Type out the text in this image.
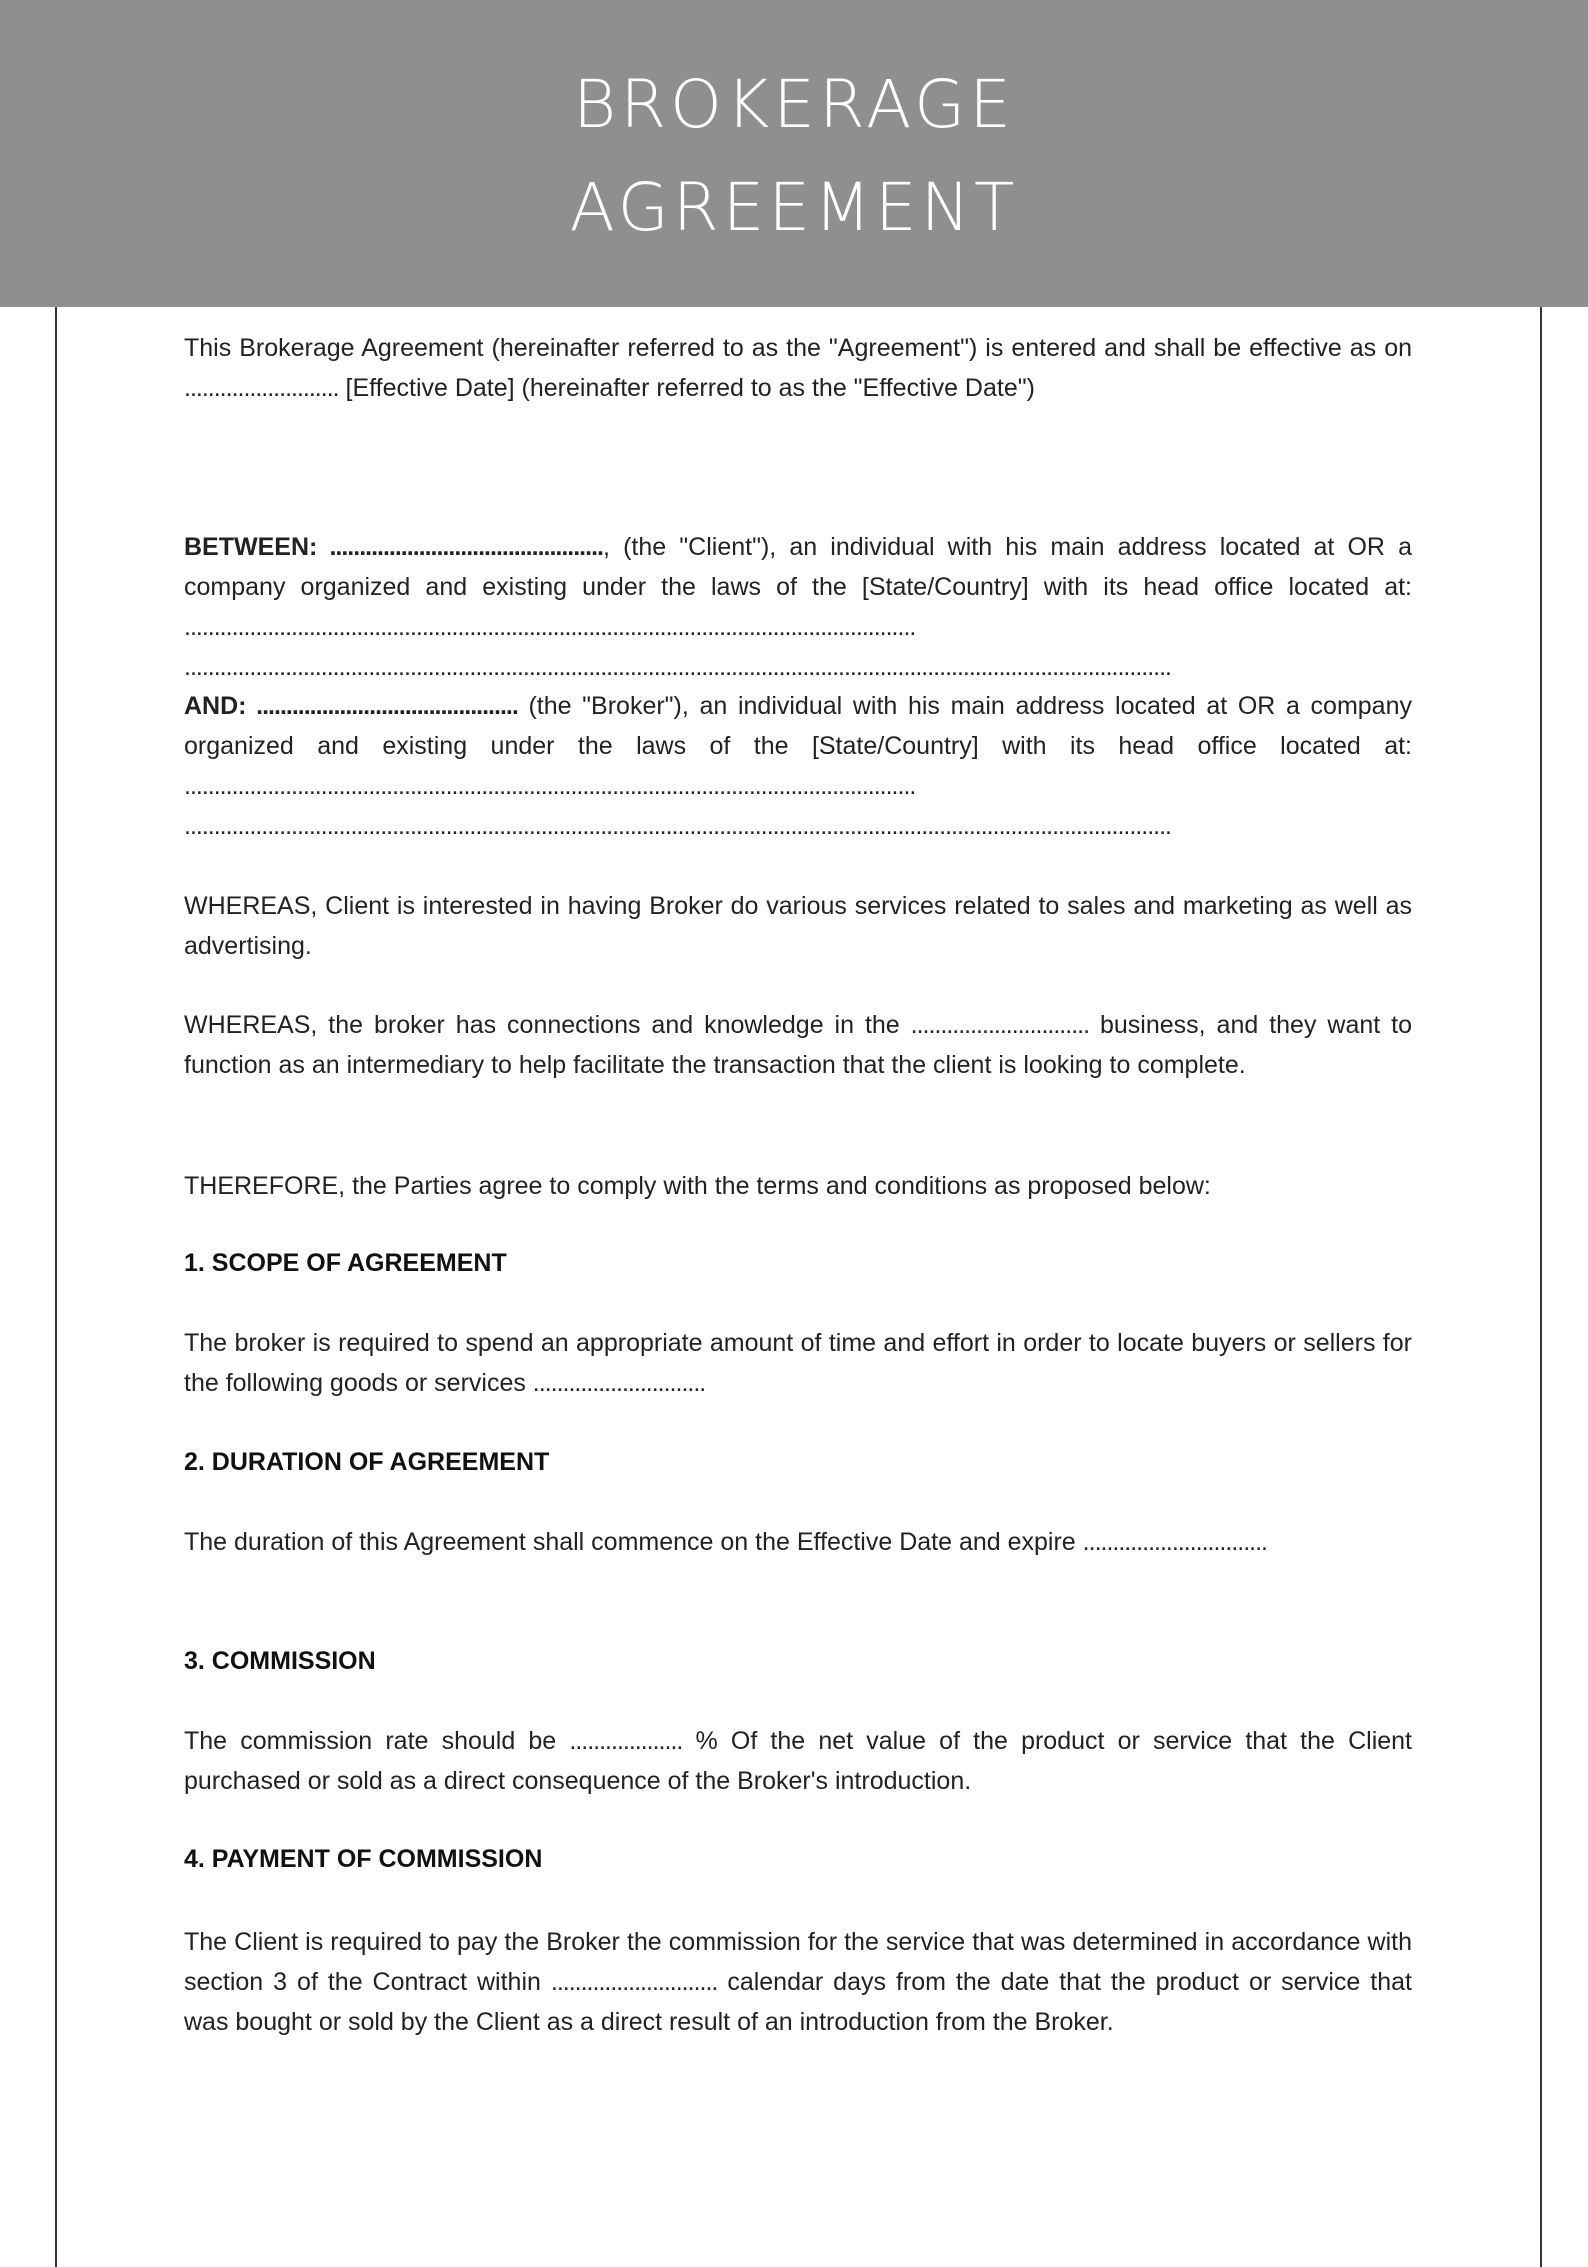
BROKERAGE
AGREEMENT
This Brokerage Agreement (hereinafter referred to as the "Agreement") is entered and shall be effective as on .......................... [Effective Date] (hereinafter referred to as the "Effective Date")
BETWEEN: .............................................., (the "Client"), an individual with his main address located at OR a company organized and existing under the laws of the [State/Country] with its head office located at: ...........................................................................................................................
......................................................................................................................................................................
AND: ............................................ (the "Broker"), an individual with his main address located at OR a company organized and existing under the laws of the [State/Country] with its head office located at: ...........................................................................................................................
......................................................................................................................................................................
WHEREAS, Client is interested in having Broker do various services related to sales and marketing as well as advertising.
WHEREAS, the broker has connections and knowledge in the .............................. business, and they want to function as an intermediary to help facilitate the transaction that the client is looking to complete.
THEREFORE, the Parties agree to comply with the terms and conditions as proposed below:
1. SCOPE OF AGREEMENT
The broker is required to spend an appropriate amount of time and effort in order to locate buyers or sellers for the following goods or services .............................
2. DURATION OF AGREEMENT
The duration of this Agreement shall commence on the Effective Date and expire ...............................
3. COMMISSION
The commission rate should be ................... % Of the net value of the product or service that the Client purchased or sold as a direct consequence of the Broker's introduction.
4. PAYMENT OF COMMISSION
The Client is required to pay the Broker the commission for the service that was determined in accordance with section 3 of the Contract within ............................ calendar days from the date that the product or service that was bought or sold by the Client as a direct result of an introduction from the Broker.
